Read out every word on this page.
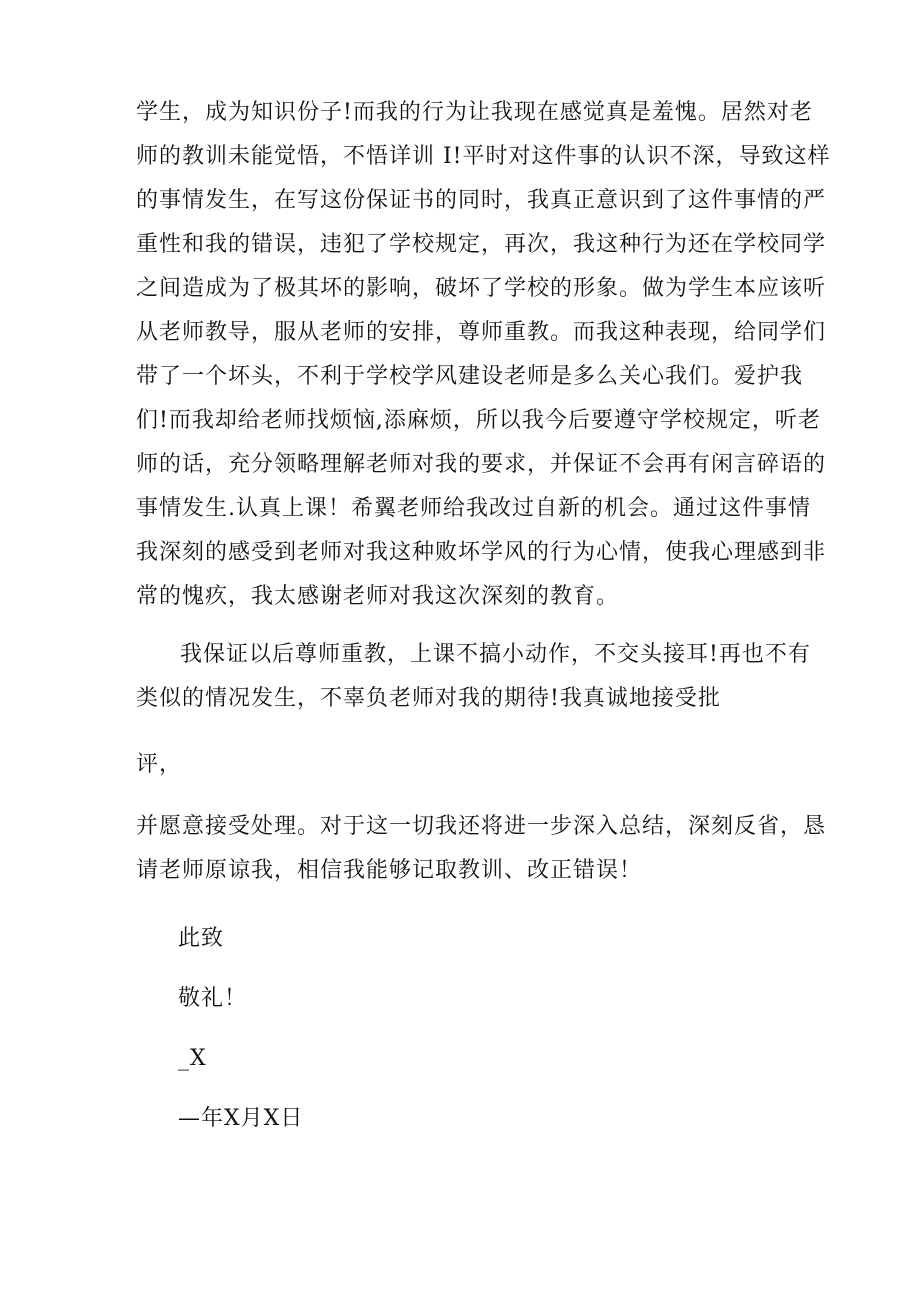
学生，成为知识份子!而我的行为让我现在感觉真是羞愧。居然对老
师的教训未能觉悟，不悟详训 I!平时对这件事的认识不深，导致这样
的事情发生，在写这份保证书的同时，我真正意识到了这件事情的严
重性和我的错误，违犯了学校规定，再次，我这种行为还在学校同学
之间造成为了极其坏的影响，破坏了学校的形象。做为学生本应该听
从老师教导，服从老师的安排，尊师重教。而我这种表现，给同学们
带了一个坏头，不利于学校学风建设老师是多么关心我们。爱护我
们!而我却给老师找烦恼,添麻烦，所以我今后要遵守学校规定，听老
师的话，充分领略理解老师对我的要求，并保证不会再有闲言碎语的
事情发生.认真上课！希翼老师给我改过自新的机会。通过这件事情
我深刻的感受到老师对我这种败坏学风的行为心情，使我心理感到非
常的愧疚，我太感谢老师对我这次深刻的教育。
我保证以后尊师重教，上课不搞小动作，不交头接耳!再也不有
类似的情况发生，不辜负老师对我的期待!我真诚地接受批
评，
并愿意接受处理。对于这一切我还将进一步深入总结，深刻反省，恳
请老师原谅我，相信我能够记取教训、改正错误！
此致
敬礼！
_X
—年X月X日
